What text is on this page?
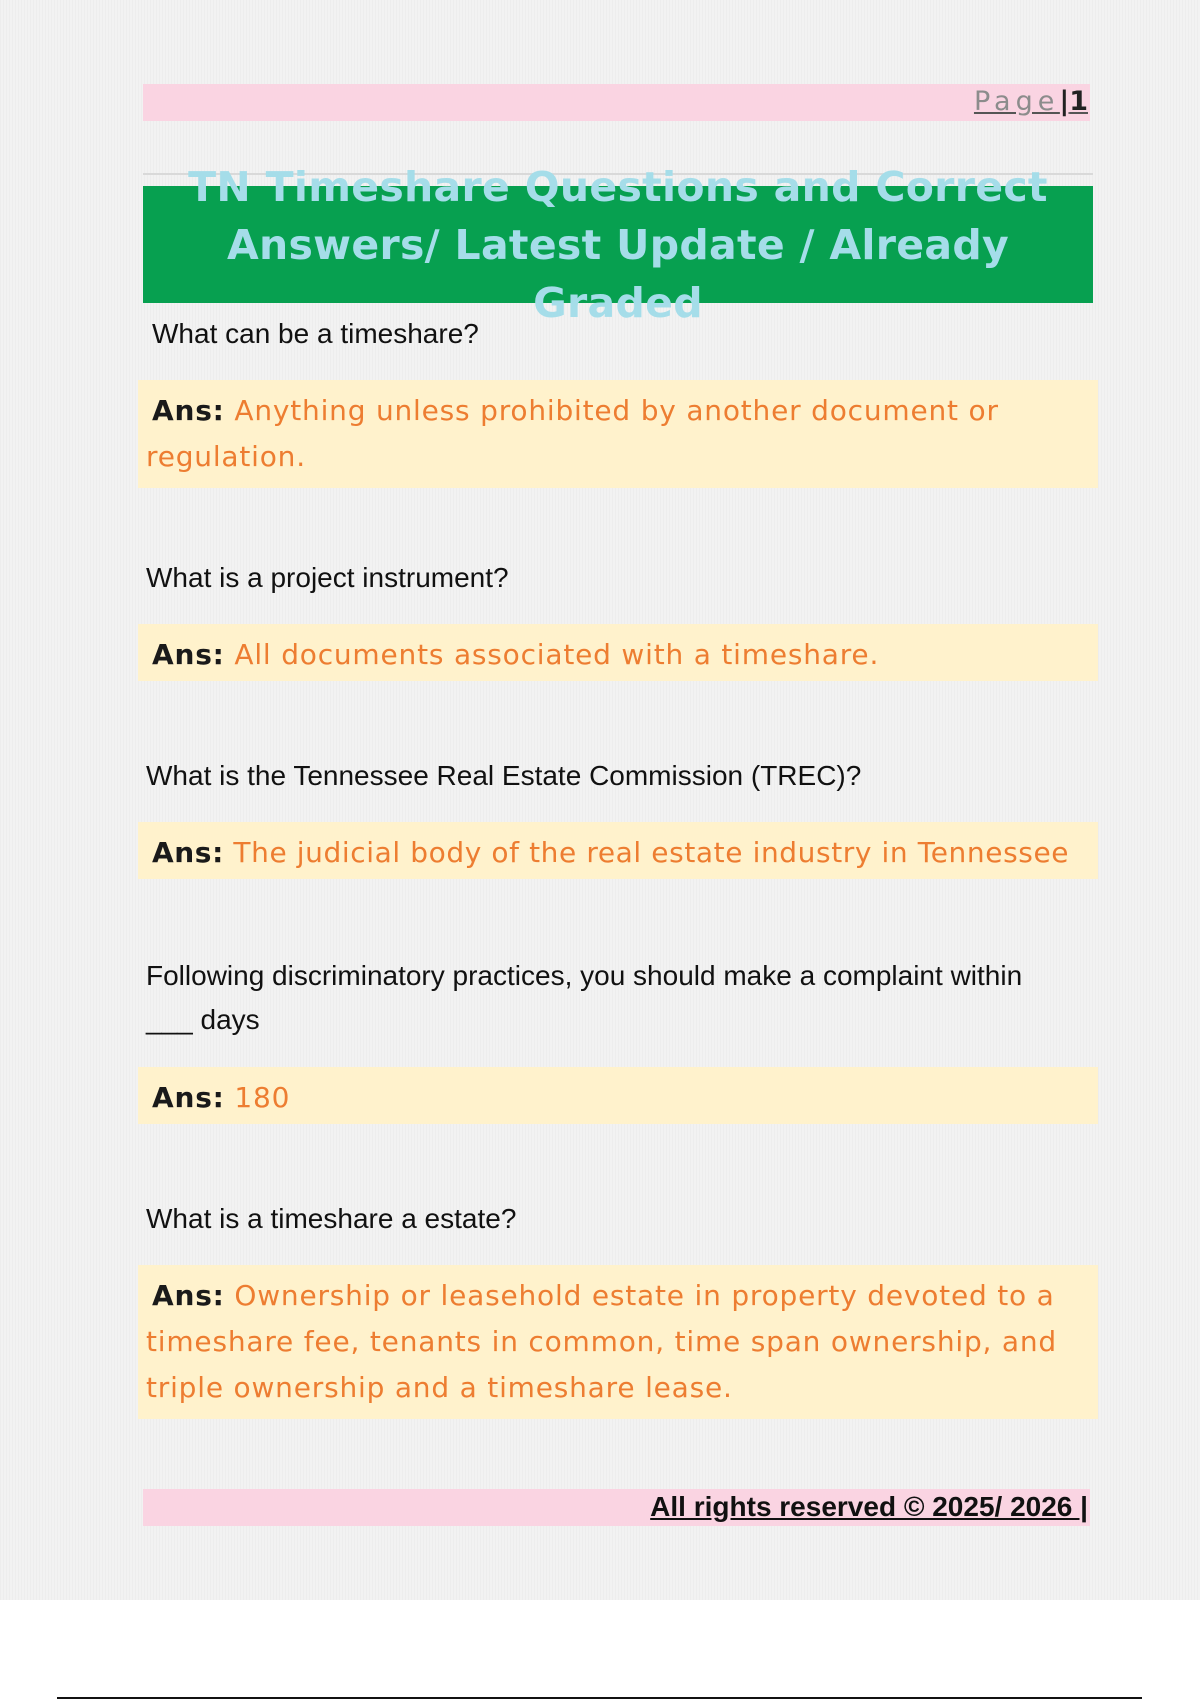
Page|1
TN Timeshare Questions and Correct
Answers/ Latest Update / Already Graded
What can be a timeshare?
Ans: Anything unless prohibited by another document or regulation.
What is a project instrument?
Ans: All documents associated with a timeshare.
What is the Tennessee Real Estate Commission (TREC)?
Ans: The judicial body of the real estate industry in Tennessee
Following discriminatory practices, you should make a complaint within ___ days
Ans: 180
What is a timeshare a estate?
Ans: Ownership or leasehold estate in property devoted to a timeshare fee, tenants in common, time span ownership, and triple ownership and a timeshare lease.
All rights reserved © 2025/ 2026 |
